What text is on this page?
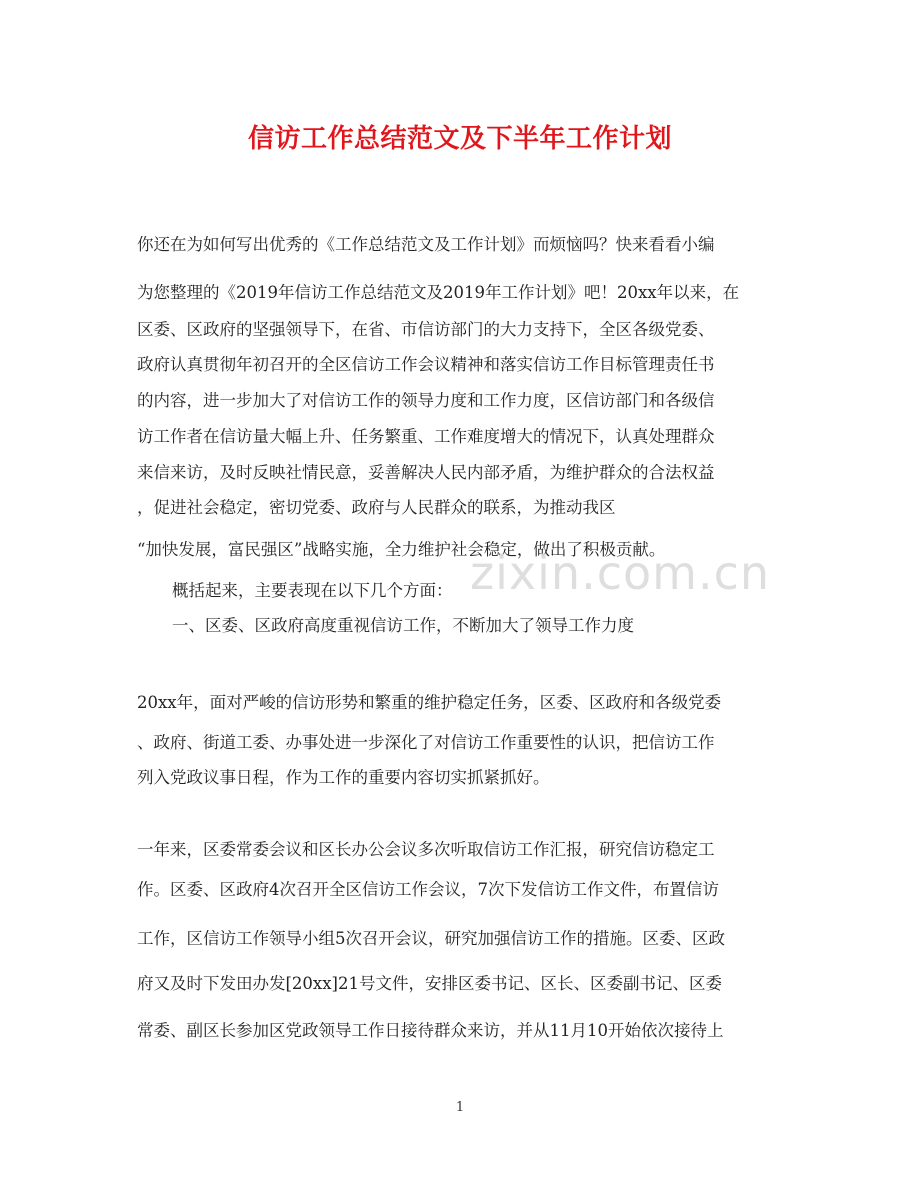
信访工作总结范文及下半年工作计划
你还在为如何写出优秀的《工作总结范文及工作计划》而烦恼吗？快来看看小编
为您整理的《2019年信访工作总结范文及2019年工作计划》吧！20xx年以来，在
区委、区政府的坚强领导下，在省、市信访部门的大力支持下，全区各级党委、
政府认真贯彻年初召开的全区信访工作会议精神和落实信访工作目标管理责任书
的内容，进一步加大了对信访工作的领导力度和工作力度，区信访部门和各级信
访工作者在信访量大幅上升、任务繁重、工作难度增大的情况下，认真处理群众
来信来访，及时反映社情民意，妥善解决人民内部矛盾，为维护群众的合法权益
，促进社会稳定，密切党委、政府与人民群众的联系，为推动我区
“加快发展，富民强区”战略实施，全力维护社会稳定，做出了积极贡献。
zixin.com.cn
概括起来，主要表现在以下几个方面：
一、区委、区政府高度重视信访工作，不断加大了领导工作力度
20xx年，面对严峻的信访形势和繁重的维护稳定任务，区委、区政府和各级党委
、政府、街道工委、办事处进一步深化了对信访工作重要性的认识，把信访工作
列入党政议事日程，作为工作的重要内容切实抓紧抓好。
一年来，区委常委会议和区长办公会议多次听取信访工作汇报，研究信访稳定工
作。区委、区政府4次召开全区信访工作会议，7次下发信访工作文件，布置信访
工作，区信访工作领导小组5次召开会议，研究加强信访工作的措施。区委、区政
府又及时下发田办发[20xx]21号文件，安排区委书记、区长、区委副书记、区委
常委、副区长参加区党政领导工作日接待群众来访，并从11月10开始依次接待上
1
